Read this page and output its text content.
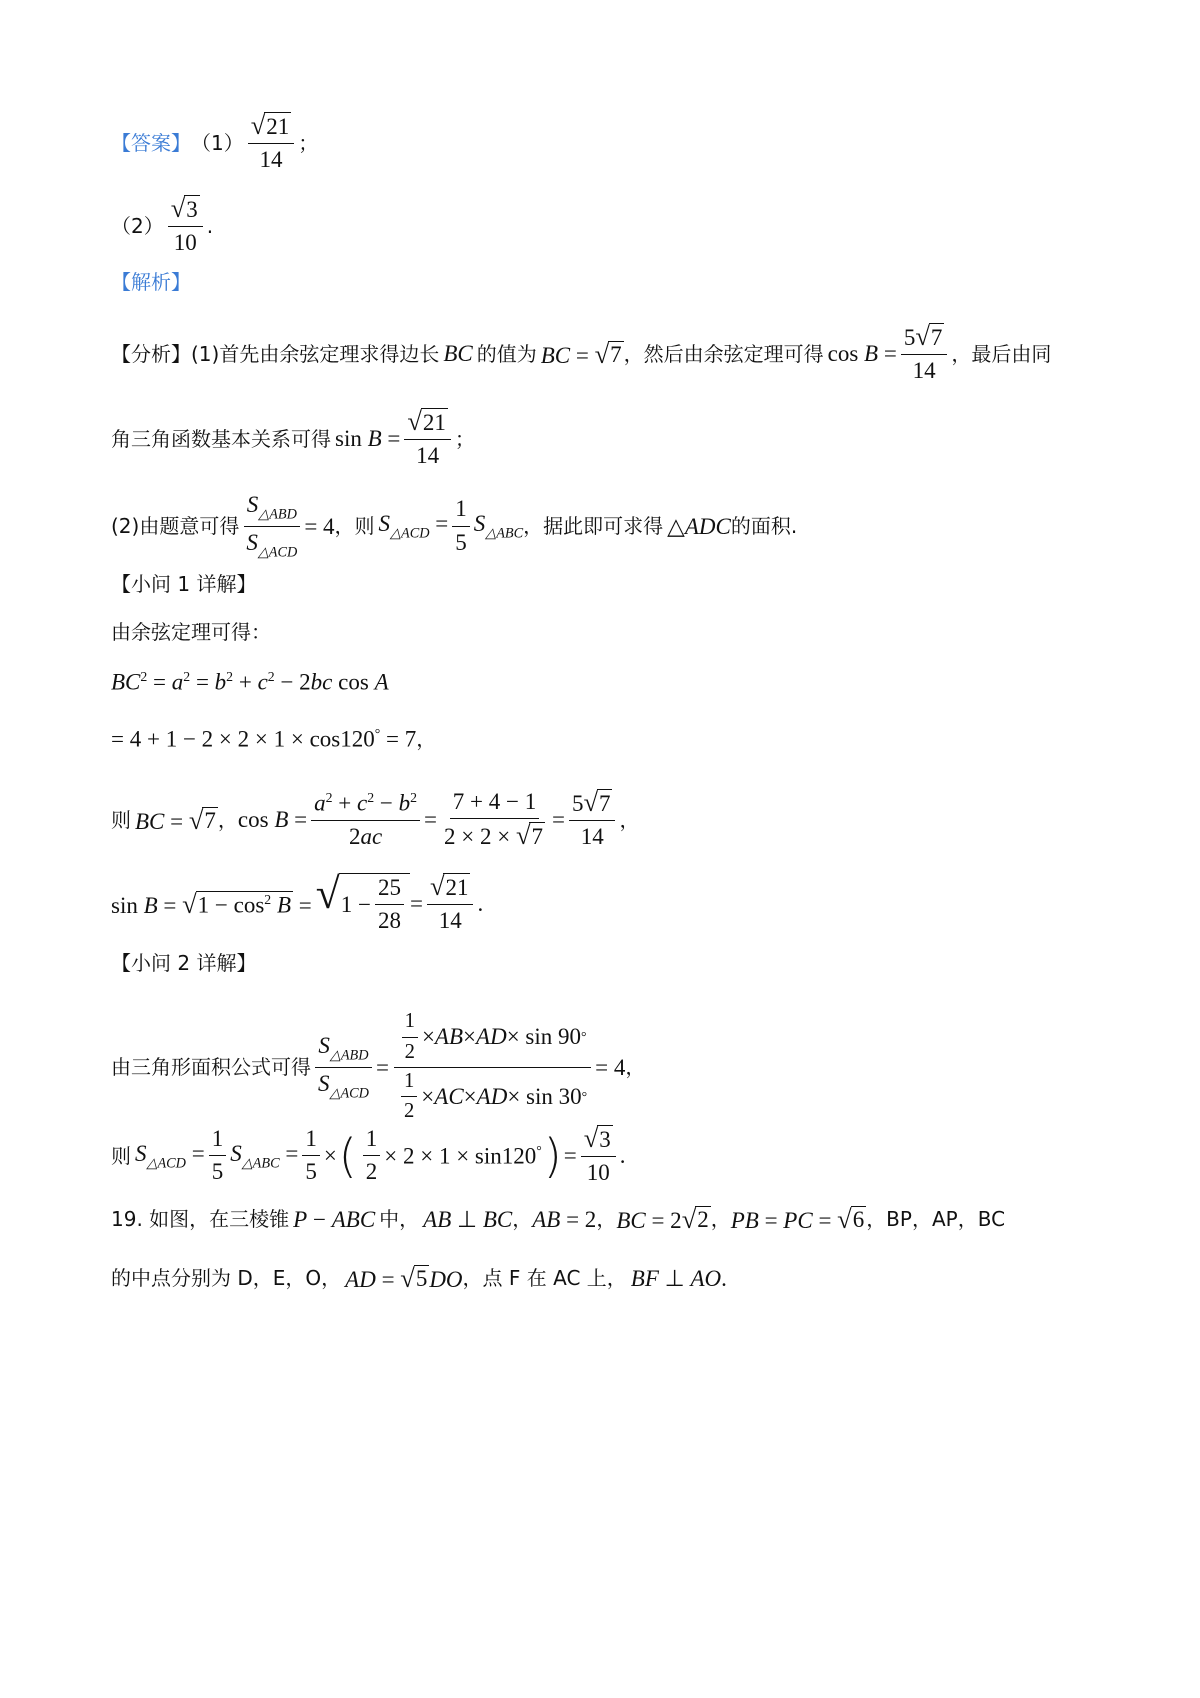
【答案】 $(1) \frac{√ 21}{14}$ ；
$(2) \frac{√ 3}{10}$ .
【解析】
【分析】 (1)首先由余弦定理求得边长 BC 的值为 BC = √ 7 ，然后由余弦定理可得 $\cos B = \frac{5 √ 7}{14}$ ，最后由同
角三角函数基本关系可得 $\sin B = \frac{√ 21}{14}$ ；
(2)由题意可得 $\frac{S_{\triangle ABD}}{S_{\triangle ACD}} = 4$ ，则 $S_{\triangle ACD} = \frac{1}{5} S_{\triangle ABC}$ ，据此即可求得 △ADC 的面积.
【小问 1 详解】
由余弦定理可得：
$BC^2 = a^2 = b^2 + c^2 - 2bc$ cos A
= 4 + 1 − 2 × 2 × 1 × cos120° = 7 ，
则 BC = √ 7 ， $\cos B = \frac{a^2 + c^2 - b^2}{2ac} = \frac{7 + 4 - 1}{2 \times 2 \times √ 7} = \frac{5 √ 7}{14}$ ，
sin B = √ $1 - \cos^2 B$ = √ $1 - \frac{25}{28} = \frac{√ 21}{14}$ .
【小问 2 详解】
由三角形面积公式可得 $\frac{S_{\triangle ABD}}{S_{\triangle ACD}} = \frac{\frac{1}{2} \times AB \times AD \times \sin 90 ^\circ}{\frac{1}{2} \times AC \times AD \times \sin 30 ^\circ} = 4$ ，
则 $S_{\triangle ACD} = \frac{1}{5} S_{\triangle ABC} = \frac{1}{5}$ × ( $\frac{1}{2} \times 2 \times 1 \times \sin 120^\circ$ ) = $\frac{√ 3}{10}$ .
19. 如图，在三棱锥 P − ABC 中， AB ⊥ BC ， AB = 2 ， BC = 2 √ 2 ， PB = PC = √ 6 ，BP，AP，BC
的中点分别为 D，E，O， AD = √ 5 DO ，点 F 在 AC 上， BF ⊥ AO .
